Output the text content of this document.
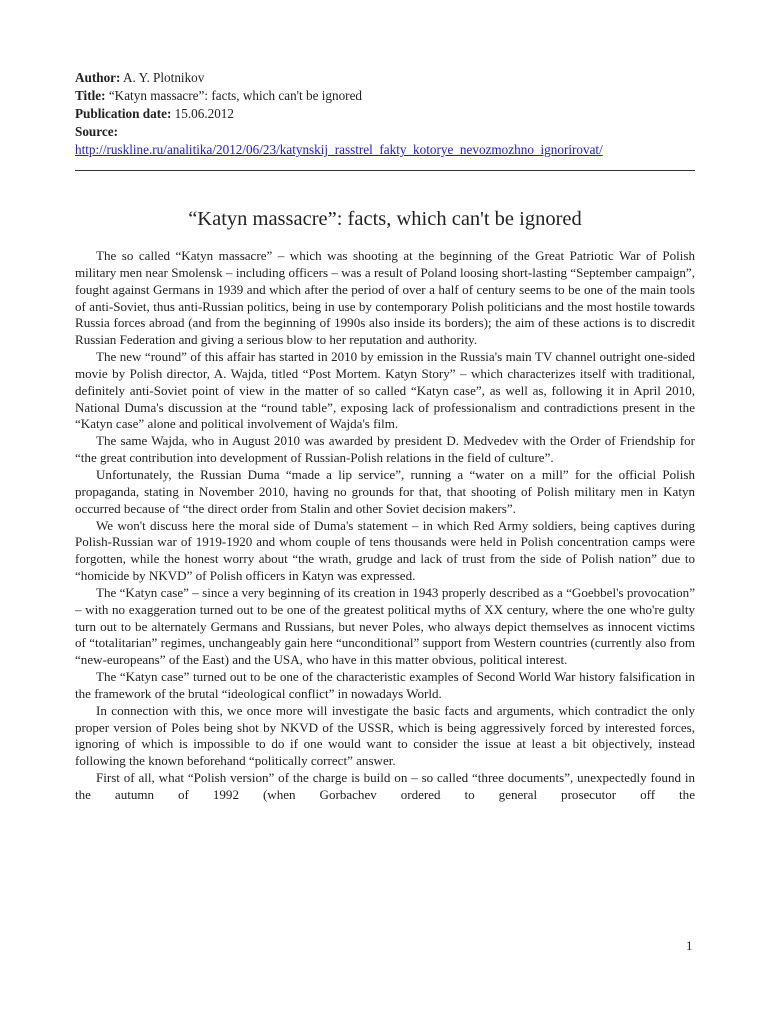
Author: A. Y. Plotnikov
Title: “Katyn massacre”: facts, which can't be ignored
Publication date: 15.06.2012
Source:
http://ruskline.ru/analitika/2012/06/23/katynskij_rasstrel_fakty_kotorye_nevozmozhno_ignorirovat/
“Katyn massacre”: facts, which can't be ignored

The so called “Katyn massacre” – which was shooting at the beginning of the Great Patriotic War of Polish military men near Smolensk – including officers – was a result of Poland loosing short-lasting “September campaign”, fought against Germans in 1939 and which after the period of over a half of century seems to be one of the main tools of anti-Soviet, thus anti-Russian politics, being in use by contemporary Polish politicians and the most hostile towards Russia forces abroad (and from the beginning of 1990s also inside its borders); the aim of these actions is to discredit Russian Federation and giving a serious blow to her reputation and authority.

The new “round” of this affair has started in 2010 by emission in the Russia's main TV channel outright one-sided movie by Polish director, A. Wajda, titled “Post Mortem. Katyn Story” – which characterizes itself with traditional, definitely anti-Soviet point of view in the matter of so called “Katyn case”, as well as, following it in April 2010, National Duma's discussion at the “round table”, exposing lack of professionalism and contradictions present in the “Katyn case” alone and political involvement of Wajda's film.

The same Wajda, who in August 2010 was awarded by president D. Medvedev with the Order of Friendship for “the great contribution into development of Russian-Polish relations in the field of culture”.

Unfortunately, the Russian Duma “made a lip service”, running a “water on a mill” for the official Polish propaganda, stating in November 2010, having no grounds for that, that shooting of Polish military men in Katyn occurred because of “the direct order from Stalin and other Soviet decision makers”.

We won't discuss here the moral side of Duma's statement – in which Red Army soldiers, being captives during Polish-Russian war of 1919-1920 and whom couple of tens thousands were held in Polish concentration camps were forgotten, while the honest worry about “the wrath, grudge and lack of trust from the side of Polish nation” due to “homicide by NKVD” of Polish officers in Katyn was expressed.

The “Katyn case” – since a very beginning of its creation in 1943 properly described as a “Goebbel's provocation” – with no exaggeration turned out to be one of the greatest political myths of XX century, where the one who're gulty turn out to be alternately Germans and Russians, but never Poles, who always depict themselves as innocent victims of “totalitarian” regimes, unchangeably gain here “unconditional” support from Western countries (currently also from “new-europeans” of the East) and the USA, who have in this matter obvious, political interest.

The “Katyn case” turned out to be one of the characteristic examples of Second World War history falsification in the framework of the brutal “ideological conflict” in nowadays World.

In connection with this, we once more will investigate the basic facts and arguments, which contradict the only proper version of Poles being shot by NKVD of the USSR, which is being aggressively forced by interested forces, ignoring of which is impossible to do if one would want to consider the issue at least a bit objectively, instead following the known beforehand “politically correct” answer.

First of all, what “Polish version” of the charge is build on – so called “three documents”, unexpectedly found in the autumn of 1992 (when Gorbachev ordered to general prosecutor off the

1
